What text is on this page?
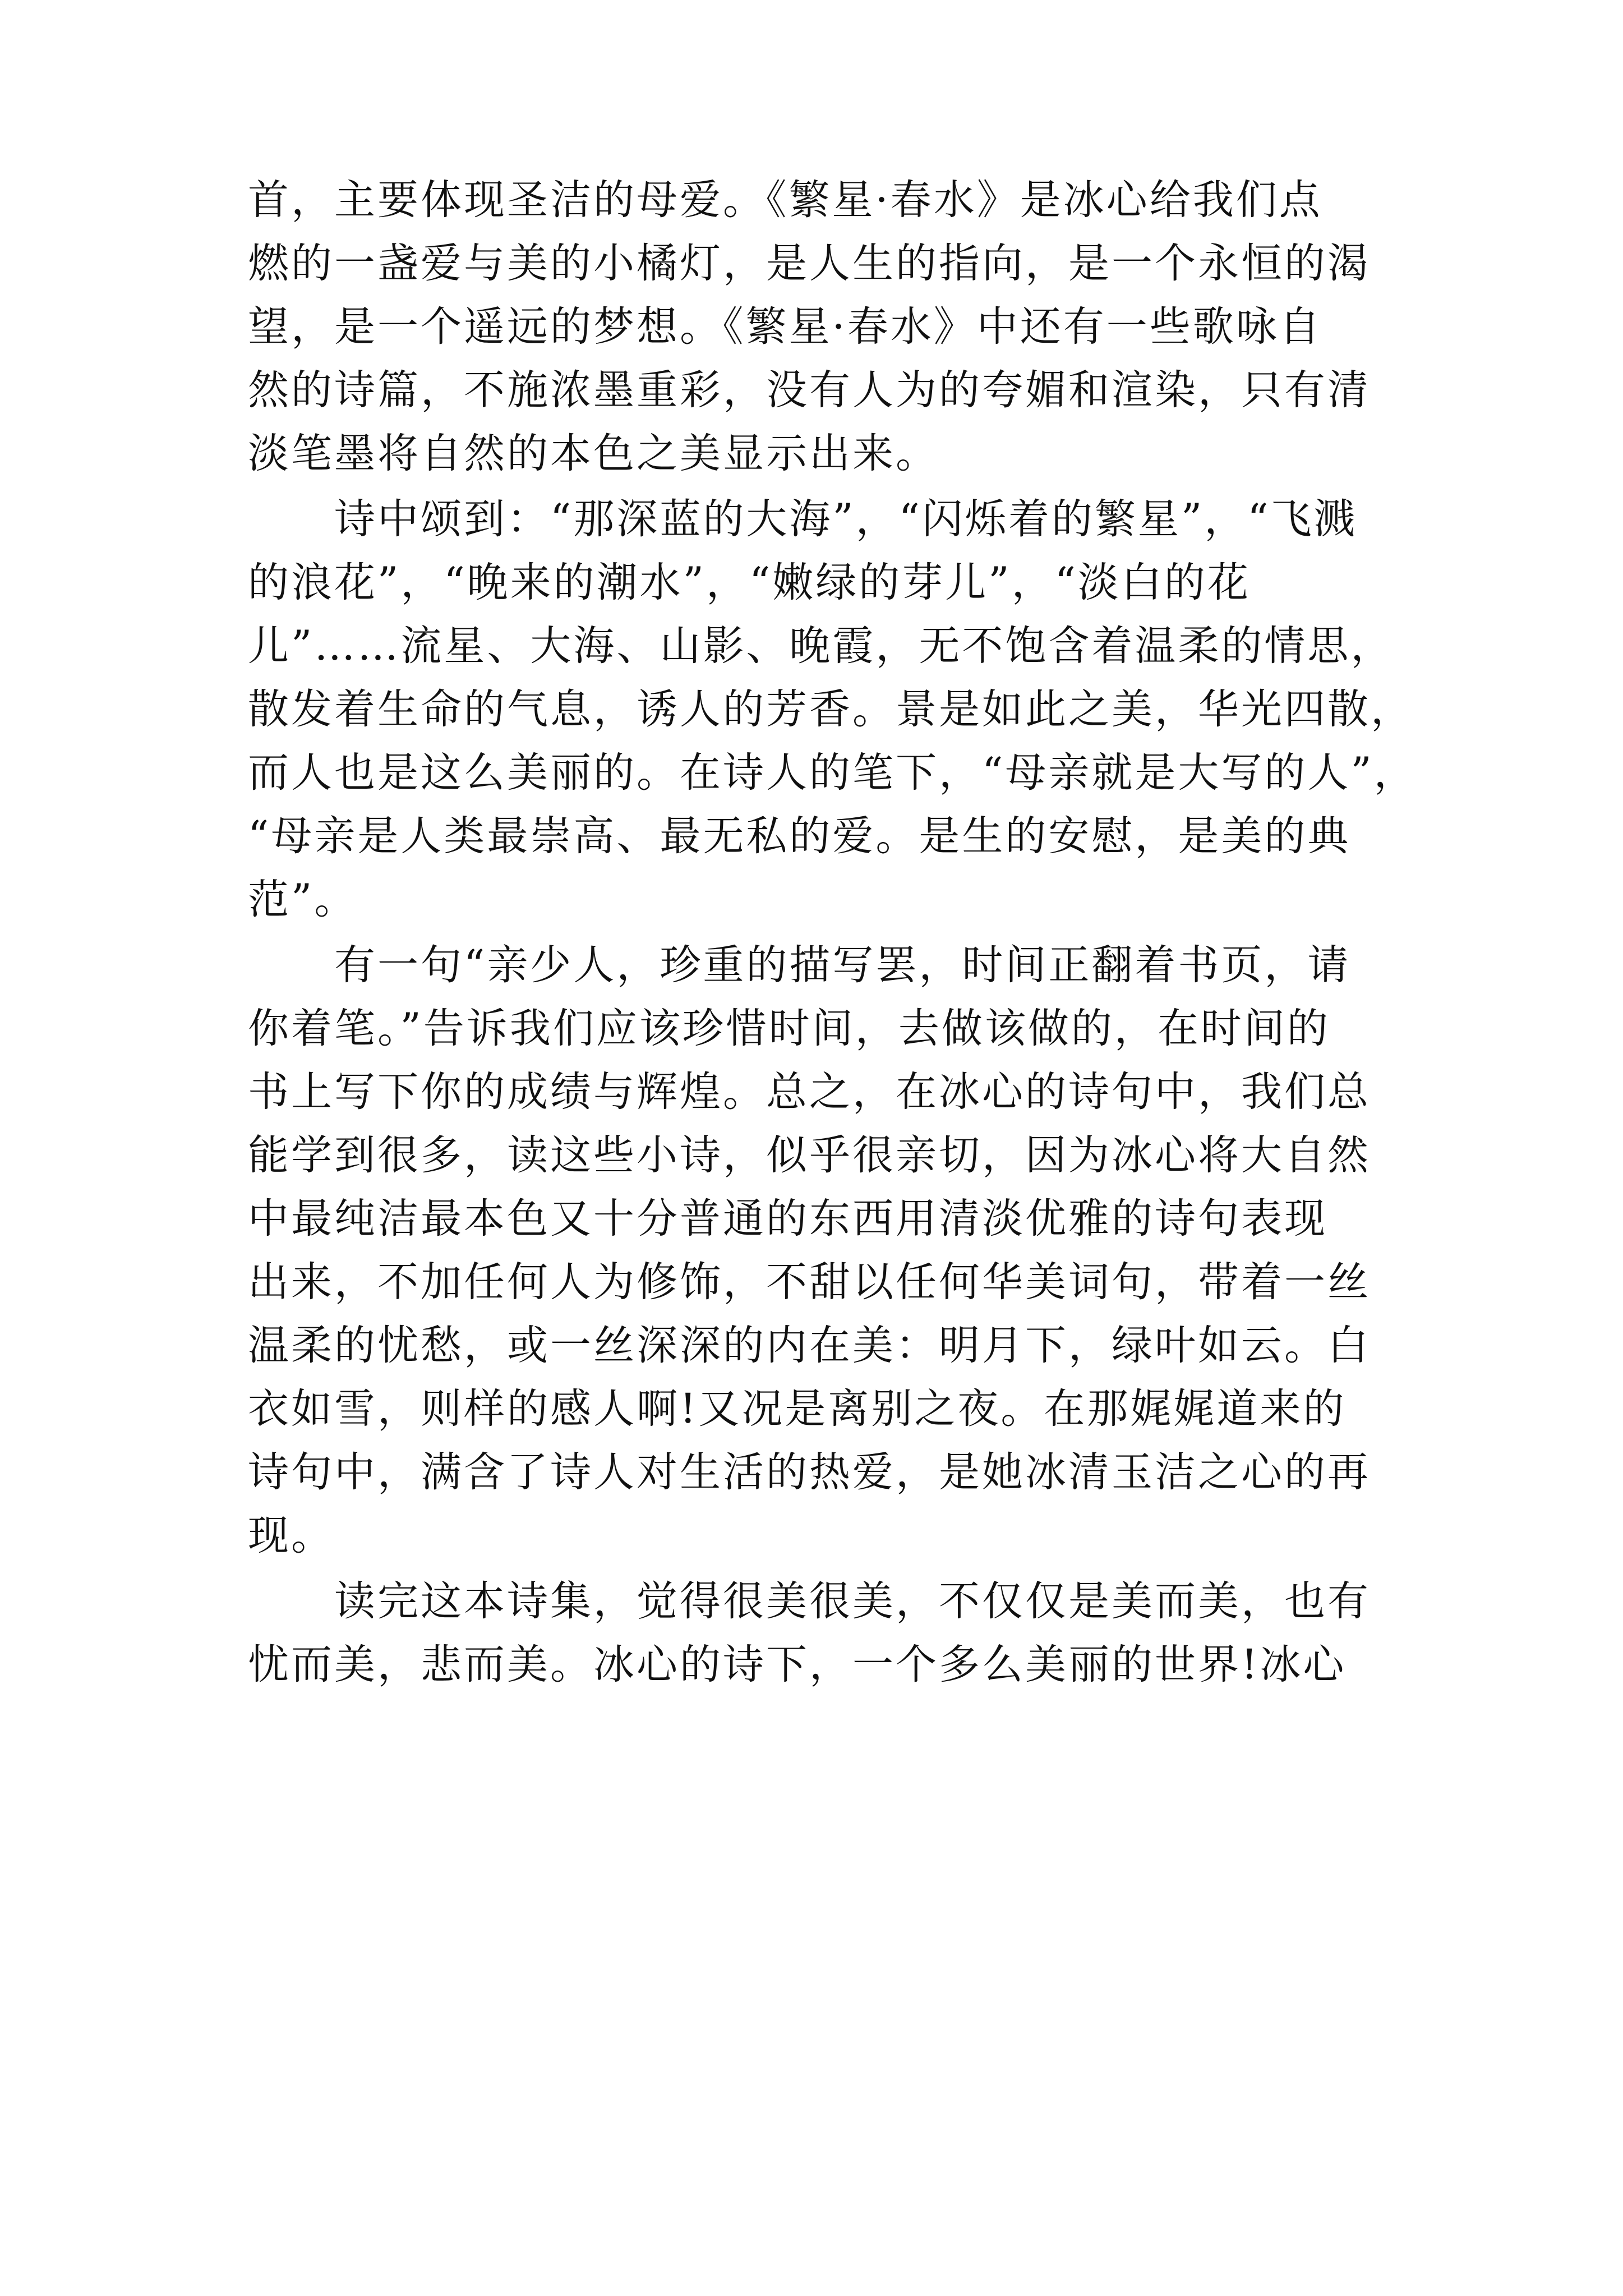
首，主要体现圣洁的母爱。《繁星·春水》是冰心给我们点
燃的一盏爱与美的小橘灯，是人生的指向，是一个永恒的渴
望，是一个遥远的梦想。《繁星·春水》中还有一些歌咏自
然的诗篇，不施浓墨重彩，没有人为的夸媚和渲染，只有清
淡笔墨将自然的本色之美显示出来。
　　诗中颂到：“那深蓝的大海”，“闪烁着的繁星”，“飞溅
的浪花”，“晚来的潮水”，“嫩绿的芽儿”，“淡白的花
儿”……流星、大海、山影、晚霞，无不饱含着温柔的情思，
散发着生命的气息，诱人的芳香。景是如此之美，华光四散，
而人也是这么美丽的。在诗人的笔下，“母亲就是大写的人”，
“母亲是人类最崇高、最无私的爱。是生的安慰，是美的典
范”。
　　有一句“亲少人，珍重的描写罢，时间正翻着书页，请
你着笔。”告诉我们应该珍惜时间，去做该做的，在时间的
书上写下你的成绩与辉煌。总之，在冰心的诗句中，我们总
能学到很多，读这些小诗，似乎很亲切，因为冰心将大自然
中最纯洁最本色又十分普通的东西用清淡优雅的诗句表现
出来，不加任何人为修饰，不甜以任何华美词句，带着一丝
温柔的忧愁，或一丝深深的内在美：明月下，绿叶如云。白
衣如雪，则样的感人啊!又况是离别之夜。在那娓娓道来的
诗句中，满含了诗人对生活的热爱，是她冰清玉洁之心的再
现。
　　读完这本诗集，觉得很美很美，不仅仅是美而美，也有
忧而美，悲而美。冰心的诗下，一个多么美丽的世界!冰心
